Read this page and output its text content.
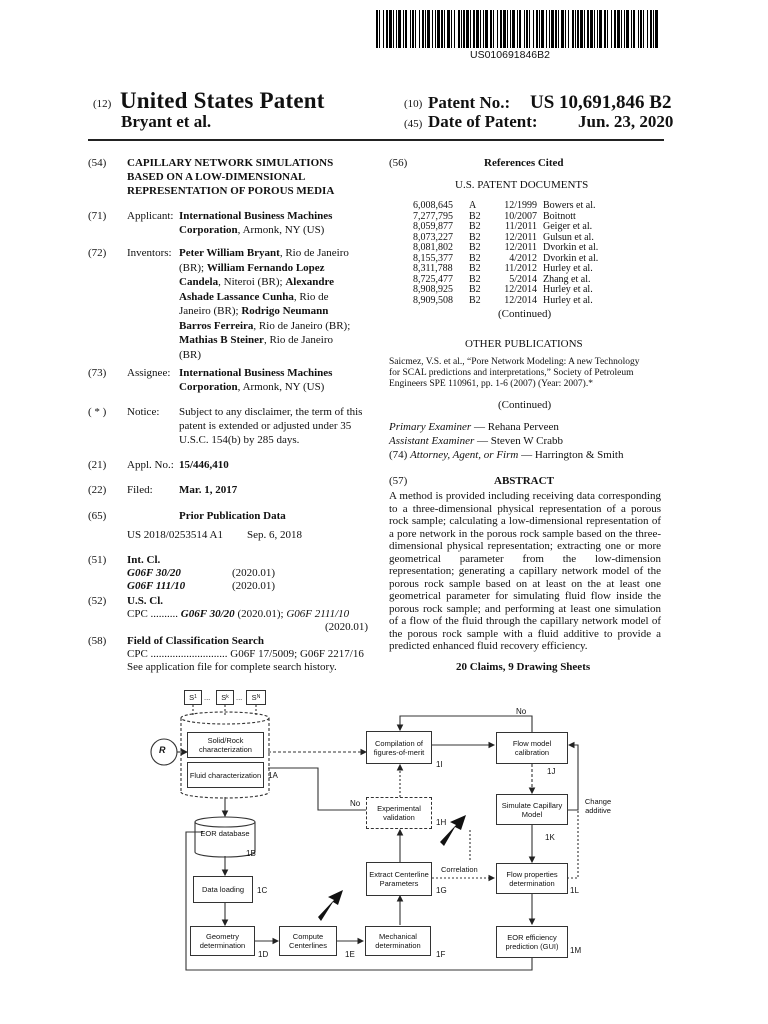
US010691846B2
(12) United States Patent
Bryant et al.
(10) Patent No.: US 10,691,846 B2
(45) Date of Patent: Jun. 23, 2020
(54) CAPILLARY NETWORK SIMULATIONS
BASED ON A LOW-DIMENSIONAL
REPRESENTATION OF POROUS MEDIA
(71) Applicant: International Business Machines
Corporation, Armonk, NY (US)
(72) Inventors: Peter William Bryant, Rio de Janeiro
(BR); William Fernando Lopez
Candela, Niteroi (BR); Alexandre
Ashade Lassance Cunha, Rio de
Janeiro (BR); Rodrigo Neumann
Barros Ferreira, Rio de Janeiro (BR);
Mathias B Steiner, Rio de Janeiro
(BR)
(73) Assignee: International Business Machines
Corporation, Armonk, NY (US)
( * ) Notice: Subject to any disclaimer, the term of this
patent is extended or adjusted under 35
U.S.C. 154(b) by 285 days.
(21) Appl. No.: 15/446,410
(22) Filed: Mar. 1, 2017
(65)	Prior Publication Data
US 2018/0253514 A1 Sep. 6, 2018
(51) Int. Cl.
G06F 30/20	(2020.01)
G06F 111/10	(2020.01)
(52) U.S. Cl.
CPC .......... G06F 30/20 (2020.01); G06F 2111/10
(2020.01)
(58) Field of Classification Search
CPC ............................ G06F 17/5009; G06F 2217/16
See application file for complete search history.
(56)	References Cited
U.S. PATENT DOCUMENTS
6,008,645	A	12/1999 Bowers et al.
7,277,795	B2	10/2007 Boitnott
8,059,877	B2	11/2011 Geiger et al.
8,073,227	B2	12/2011 Gulsun et al.
8,081,802	B2	12/2011 Dvorkin et al.
8,155,377	B2	4/2012 Dvorkin et al.
8,311,788	B2	11/2012 Hurley et al.
8,725,477	B2	5/2014 Zhang et al.
8,908,925	B2	12/2014 Hurley et al.
8,909,508	B2	12/2014 Hurley et al.
(Continued)
OTHER PUBLICATIONS
Saicmez, V.S. et al., “Pore Network Modeling: A new Technology
for SCAL predictions and interpretations,” Society of Petroleum
Engineers SPE 110961, pp. 1-6 (2007) (Year: 2007).*
(Continued)
Primary Examiner — Rehana Perveen
Assistant Examiner — Steven W Crabb
(74) Attorney, Agent, or Firm — Harrington & Smith
(57)	ABSTRACT
A method is provided including receiving data corresponding to a three-dimensional physical representation of a porous rock sample; calculating a low-dimensional representation of a pore network in the porous rock sample based on the three-dimensional physical representation; extracting one or more geometrical parameter from the low-dimension representation; generating a capillary network model of the porous rock sample based on at least on the at least one geometrical parameter for simulating fluid flow inside the porous rock sample; and performing at least one simulation of a flow of the fluid through the capillary network model of the porous rock sample with a fluid additive to provide a predicted enhanced fluid recovery efficiency.
20 Claims, 9 Drawing Sheets
S 1 ... S k ... S N
R
Solid/Rock characterization
Fluid characterization 1A
EOR database
1B
Data loading	1C
Geometry determination
1D
Compute Centerlines
1E
Mechanical determination
1F
Extract Centerline Parameters
1G
Experimental validation
1H
Compilation of figures-of-merit
1I
Flow model calibration
1J
Simulate Capillary Model
1K
Flow properties determination
1L
EOR efficiency prediction (GUI)	1M
No
No
Correlation
Change additive
